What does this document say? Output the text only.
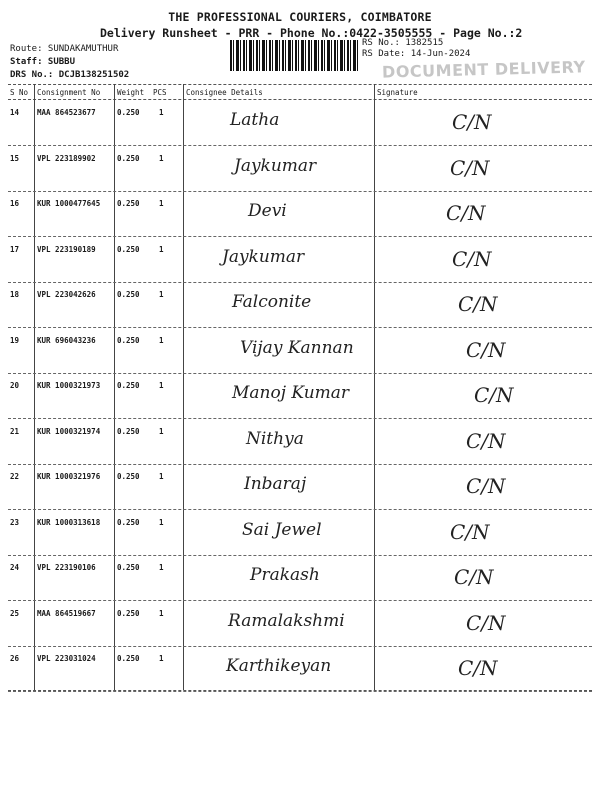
THE PROFESSIONAL COURIERS, COIMBATORE
Delivery Runsheet - PRR - Phone No.:0422-3505555 - Page No.:2
Route: SUNDAKAMUTHUR
Staff: SUBBU
DRS No.: DCJB138251502
RS No.: 1382515
RS Date: 14-Jun-2024
DOCUMENT DELIVERY
S No Consignment No Weight PCS	Consignee Details	Signature
14 MAA 864523677	0.250	1	Latha	C/N
15 VPL 223189902	0.250	1	Jaykumar	C/N
16 KUR 1000477645 0.250	1	Devi	C/N
17 VPL 223190189	0.250	1	Jaykumar	C/N
18 VPL 223042626	0.250	1	Falconite	C/N
19 KUR 696043236	0.250	1	Vijay Kannan	C/N
20 KUR 1000321973 0.250	1	Manoj Kumar	C/N
21 KUR 1000321974 0.250	1	Nithya	C/N
22 KUR 1000321976 0.250	1	Inbaraj	C/N
23 KUR 1000313618 0.250	1	Sai Jewel	C/N
24 VPL 223190106	0.250	1	Prakash	C/N
25 MAA 864519667	0.250	1	Ramalakshmi	C/N
26 VPL 223031024	0.250	1	Karthikeyan	C/N
